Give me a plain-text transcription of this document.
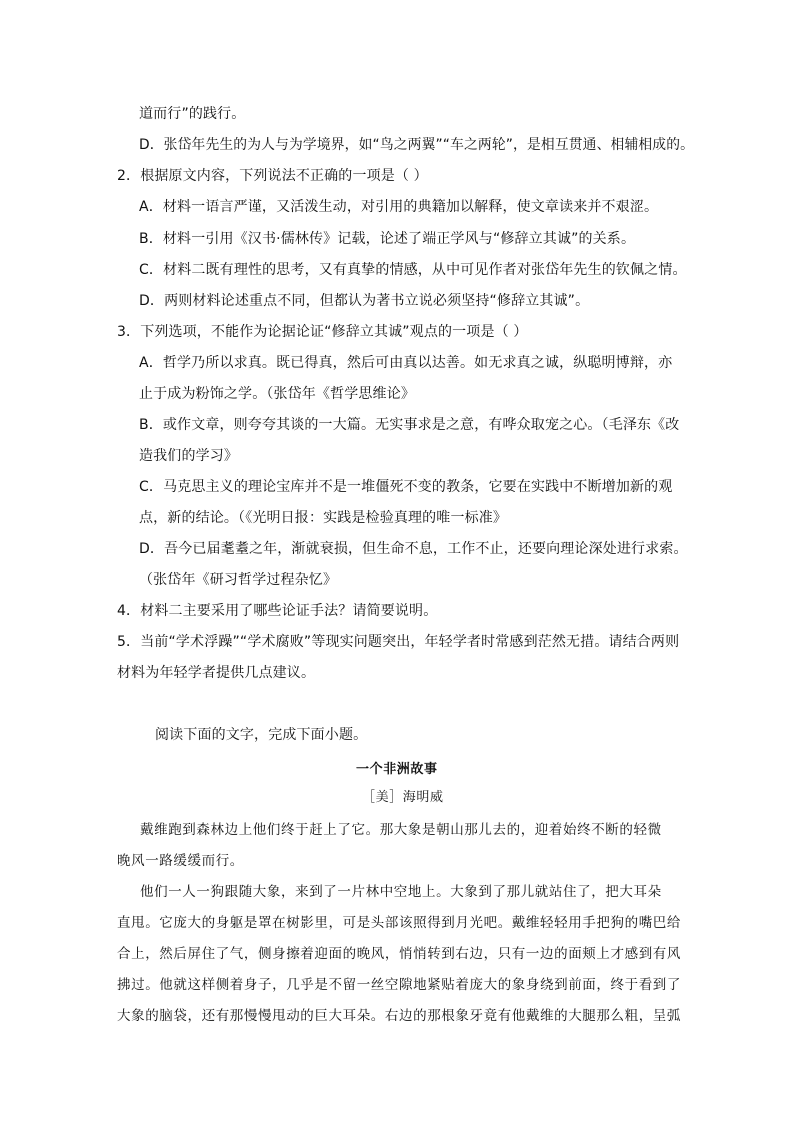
道而行”的践行。
D．张岱年先生的为人与为学境界，如“鸟之两翼”“车之两轮”，是相互贯通、相辅相成的。
2．根据原文内容，下列说法不正确的一项是（ ）
A．材料一语言严谨，又活泼生动，对引用的典籍加以解释，使文章读来并不艰涩。
B．材料一引用《汉书·儒林传》记载，论述了端正学风与“修辞立其诚”的关系。
C．材料二既有理性的思考，又有真挚的情感，从中可见作者对张岱年先生的钦佩之情。
D．两则材料论述重点不同，但都认为著书立说必须坚持“修辞立其诚”。
3．下列选项，不能作为论据论证“修辞立其诚”观点的一项是（ ）
A．哲学乃所以求真。既已得真，然后可由真以达善。如无求真之诚，纵聪明博辩，亦
止于成为粉饰之学。（张岱年《哲学思维论》
B．或作文章，则夸夸其谈的一大篇。无实事求是之意，有哗众取宠之心。（毛泽东《改
造我们的学习》
C．马克思主义的理论宝库并不是一堆僵死不变的教条，它要在实践中不断增加新的观
点，新的结论。（《光明日报：实践是检验真理的唯一标准》
D．吾今已届耄耋之年，渐就衰损，但生命不息，工作不止，还要向理论深处进行求索。
（张岱年《研习哲学过程杂忆》
4．材料二主要采用了哪些论证手法？请简要说明。
5．当前“学术浮躁”“学术腐败”等现实问题突出，年轻学者时常感到茫然无措。请结合两则
材料为年轻学者提供几点建议。
阅读下面的文字，完成下面小题。
一个非洲故事
［美］海明威
戴维跑到森林边上他们终于赶上了它。那大象是朝山那儿去的，迎着始终不断的轻微
晚风一路缓缓而行。
他们一人一狗跟随大象，来到了一片林中空地上。大象到了那儿就站住了，把大耳朵
直甩。它庞大的身躯是罩在树影里，可是头部该照得到月光吧。戴维轻轻用手把狗的嘴巴给
合上，然后屏住了气，侧身擦着迎面的晚风，悄悄转到右边，只有一边的面颊上才感到有风
拂过。他就这样侧着身子，几乎是不留一丝空隙地紧贴着庞大的象身绕到前面，终于看到了
大象的脑袋，还有那慢慢甩动的巨大耳朵。右边的那根象牙竟有他戴维的大腿那么粗，呈弧
